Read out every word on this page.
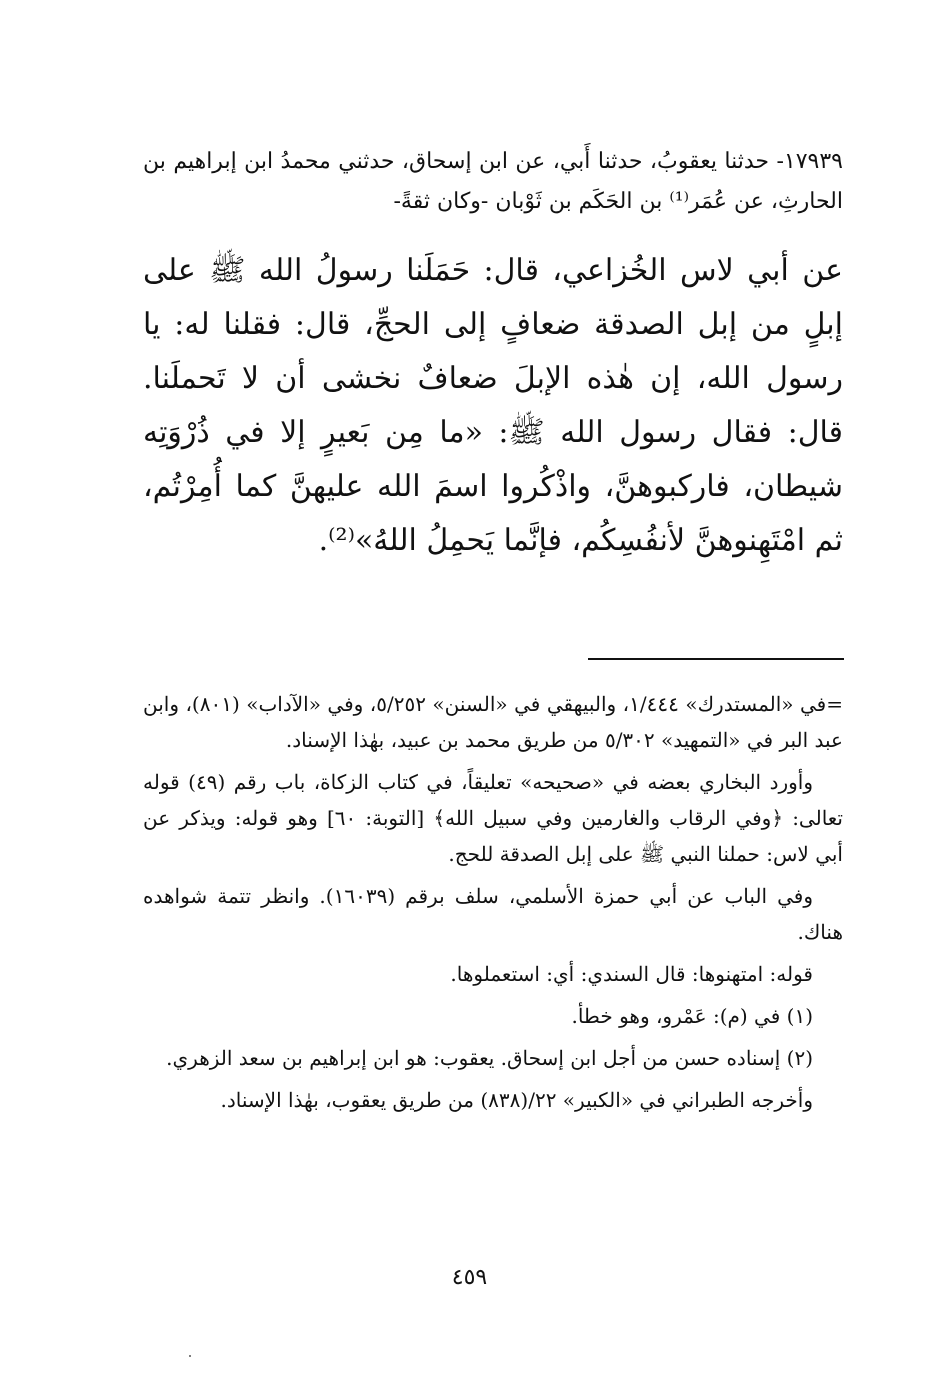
١٧٩٣٩- حدثنا يعقوبُ، حدثنا أَبي، عن ابن إسحاق، حدثني محمدُ ابن إبراهيم بن الحارثِ، عن عُمَر⁽¹⁾ بن الحَكَم بن ثَوْبان -وكان ثقةً-

عن أبي لاس الخُزاعي، قال: حَمَلَنا رسولُ الله ﷺ على إبلٍ من إبل الصدقة ضعافٍ إلى الحجِّ، قال: فقلنا له: يا رسول الله، إن هٰذه الإبلَ ضعافٌ نخشى أن لا تَحملَنا. قال: فقال رسول الله ﷺ: «ما مِن بَعيرٍ إلا في ذُرْوَتِه شيطان، فاركبوهنَّ، واذْكُروا اسمَ الله عليهنَّ كما أُمِرْتُم، ثم امْتَهِنوهنَّ لأنفُسِكُم، فإنَّما يَحمِلُ اللهُ»⁽²⁾.

=في «المستدرك» ١/٤٤٤، والبيهقي في «السنن» ٥/٢٥٢، وفي «الآداب» (٨٠١)، وابن عبد البر في «التمهيد» ٥/٣٠٢ من طريق محمد بن عبيد، بهٰذا الإسناد.

وأورد البخاري بعضه في «صحيحه» تعليقاً، في كتاب الزكاة، باب رقم (٤٩) قوله تعالى: ﴿وفي الرقاب والغارمين وفي سبيل الله﴾ [التوبة: ٦٠] وهو قوله: ويذكر عن أبي لاس: حملنا النبي ﷺ على إبل الصدقة للحج.

وفي الباب عن أبي حمزة الأسلمي، سلف برقم (١٦٠٣٩). وانظر تتمة شواهده هناك.

قوله: امتهنوها: قال السندي: أي: استعملوها.

(١) في (م): عَمْرو، وهو خطأ.

(٢) إسناده حسن من أجل ابن إسحاق. يعقوب: هو ابن إبراهيم بن سعد الزهري.

وأخرجه الطبراني في «الكبير» ٢٢/(٨٣٨) من طريق يعقوب، بهٰذا الإسناد.

٤٥٩
